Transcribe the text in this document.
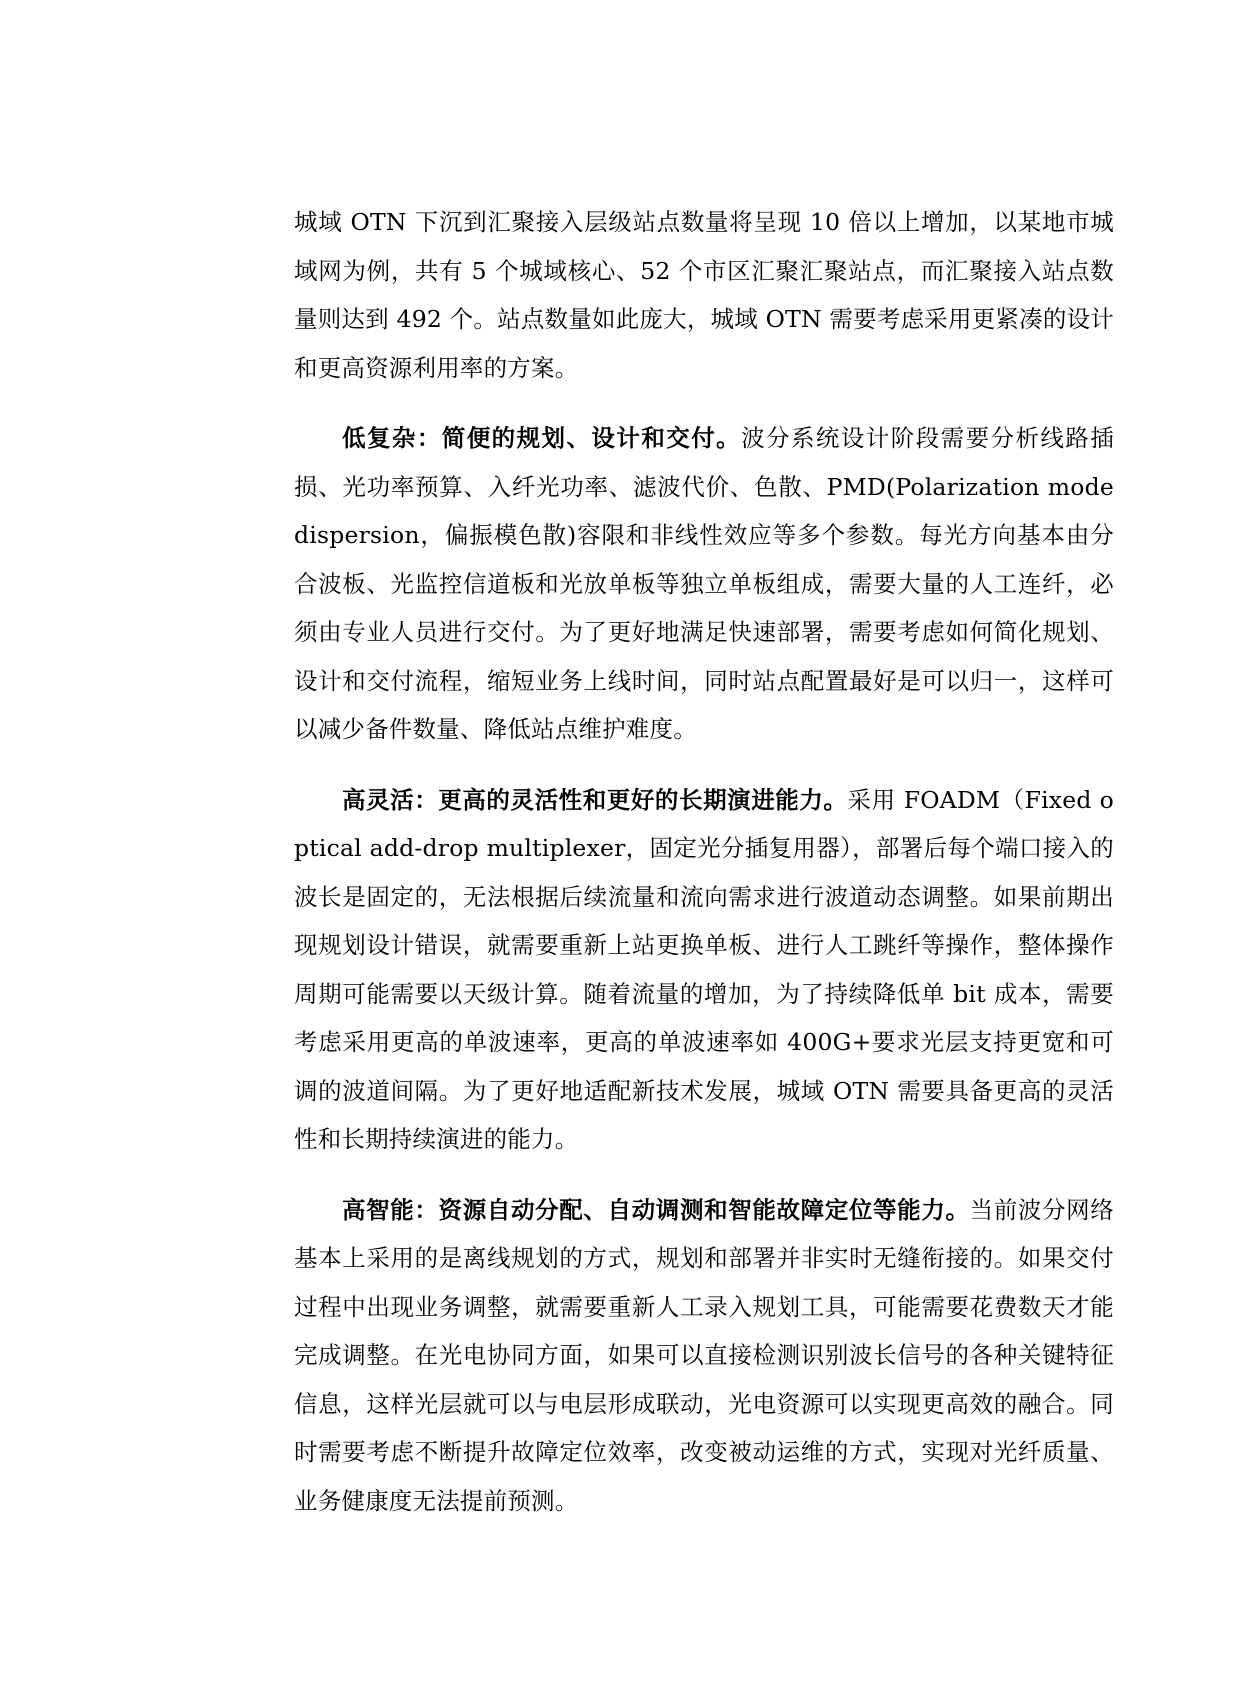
城域 OTN 下沉到汇聚接入层级站点数量将呈现 10 倍以上增加，以某地市城域网为例，共有 5 个城域核心、52 个市区汇聚汇聚站点，而汇聚接入站点数量则达到 492 个。站点数量如此庞大，城域 OTN 需要考虑采用更紧凑的设计和更高资源利用率的方案。

低复杂：简便的规划、设计和交付。波分系统设计阶段需要分析线路插损、光功率预算、入纤光功率、滤波代价、色散、PMD(Polarization mode dispersion，偏振模色散)容限和非线性效应等多个参数。每光方向基本由分合波板、光监控信道板和光放单板等独立单板组成，需要大量的人工连纤，必须由专业人员进行交付。为了更好地满足快速部署，需要考虑如何简化规划、设计和交付流程，缩短业务上线时间，同时站点配置最好是可以归一，这样可以减少备件数量、降低站点维护难度。

高灵活：更高的灵活性和更好的长期演进能力。采用 FOADM（Fixed optical add-drop multiplexer，固定光分插复用器），部署后每个端口接入的波长是固定的，无法根据后续流量和流向需求进行波道动态调整。如果前期出现规划设计错误，就需要重新上站更换单板、进行人工跳纤等操作，整体操作周期可能需要以天级计算。随着流量的增加，为了持续降低单 bit 成本，需要考虑采用更高的单波速率，更高的单波速率如 400G+要求光层支持更宽和可调的波道间隔。为了更好地适配新技术发展，城域 OTN 需要具备更高的灵活性和长期持续演进的能力。

高智能：资源自动分配、自动调测和智能故障定位等能力。当前波分网络基本上采用的是离线规划的方式，规划和部署并非实时无缝衔接的。如果交付过程中出现业务调整，就需要重新人工录入规划工具，可能需要花费数天才能完成调整。在光电协同方面，如果可以直接检测识别波长信号的各种关键特征信息，这样光层就可以与电层形成联动，光电资源可以实现更高效的融合。同时需要考虑不断提升故障定位效率，改变被动运维的方式，实现对光纤质量、业务健康度无法提前预测。
